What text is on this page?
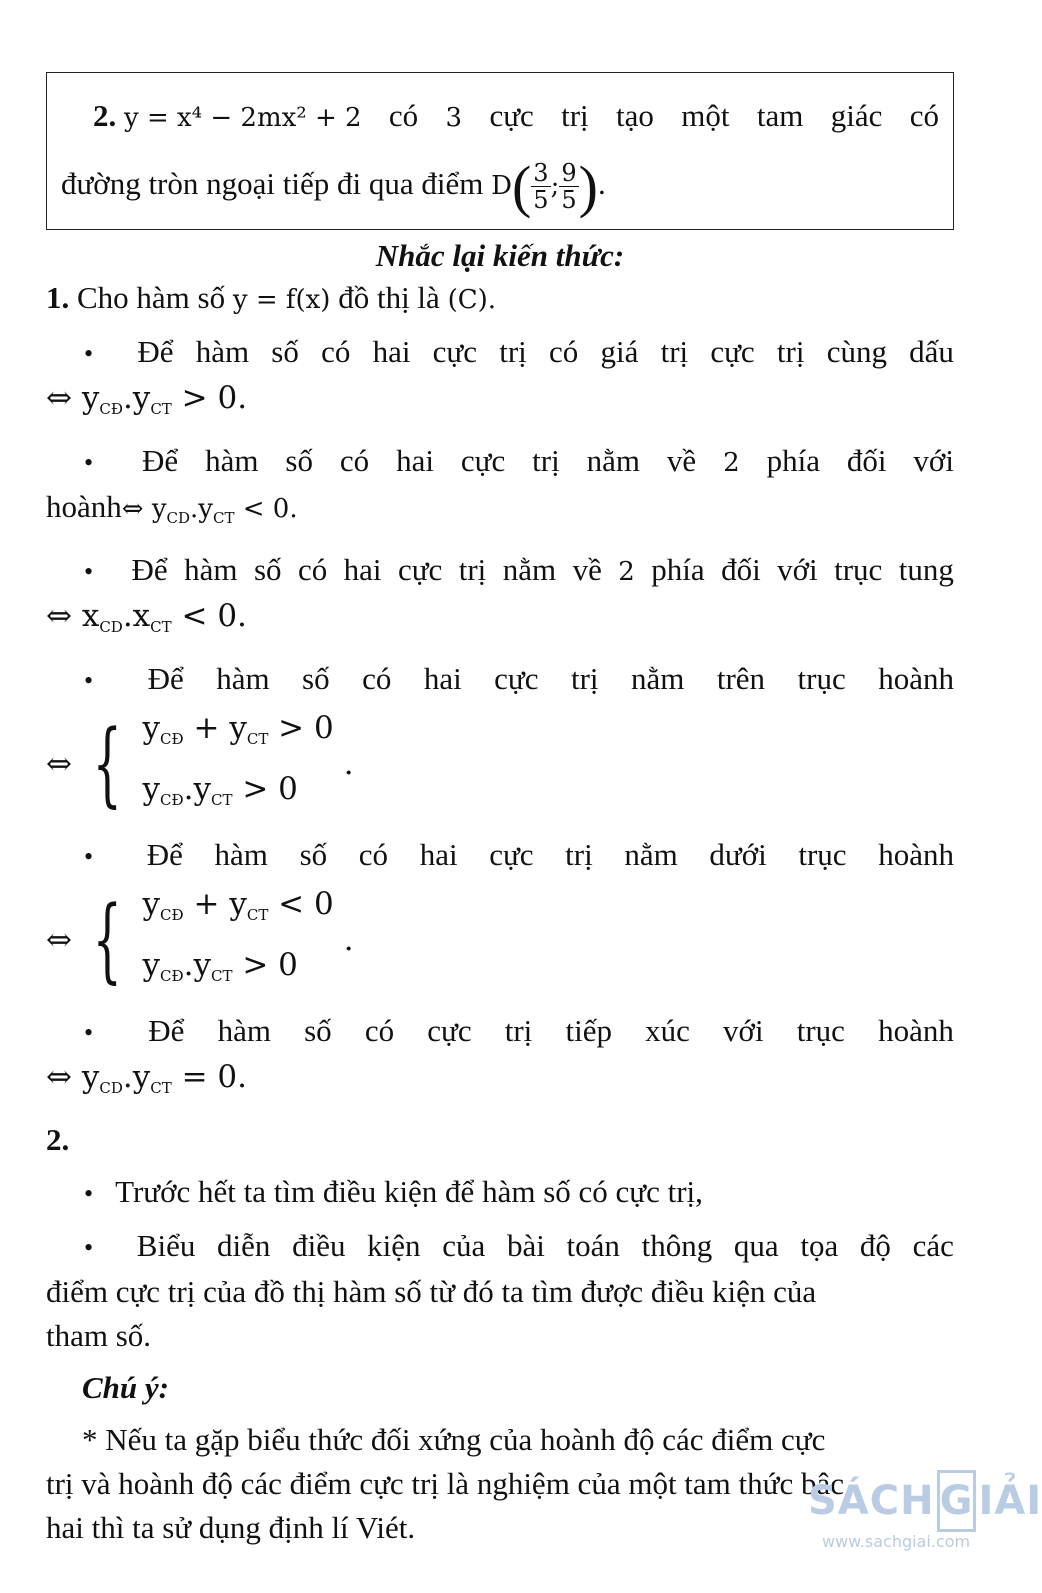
2. y = x⁴ − 2mx² + 2 có 3 cực trị tạo một tam giác có
đường tròn ngoại tiếp đi qua điểm $D( \frac{3}{5}$ ; $\frac{9}{5}$ ).
Nhắc lại kiến thức:
1. Cho hàm số y = f(x) đồ thị là (C).
• Để hàm số có hai cực trị có giá trị cực trị cùng dấu
⇔ $y_{CĐ}.y_{CT} > 0$.
• Để hàm số có hai cực trị nằm về 2 phía đối với
hoành⇔ $y_{CD}.y_{CT} < 0$.
• Để hàm số có hai cực trị nằm về 2 phía đối với trục tung
⇔ $x_{CD}.x_{CT} < 0$.
• Để hàm số có hai cực trị nằm trên trục hoành
⇔ { $y_{CĐ} + y_{CT} > 0$
$y_{CĐ}.y_{CT} > 0$
.
• Để hàm số có hai cực trị nằm dưới trục hoành
⇔ { $y_{CĐ} + y_{CT} < 0$
$y_{CĐ}.y_{CT} > 0$
.
• Để hàm số có cực trị tiếp xúc với trục hoành
⇔ $y_{CD}.y_{CT} = 0$.
2.
• Trước hết ta tìm điều kiện để hàm số có cực trị,
• Biểu diễn điều kiện của bài toán thông qua tọa độ các
điểm cực trị của đồ thị hàm số từ đó ta tìm được điều kiện của
tham số.
Chú ý:
* Nếu ta gặp biểu thức đối xứng của hoành độ các điểm cực
trị và hoành độ các điểm cực trị là nghiệm của một tam thức bậc
hai thì ta sử dụng định lí Viét.
SÁCH G IẢI
www.sachgiai.com
